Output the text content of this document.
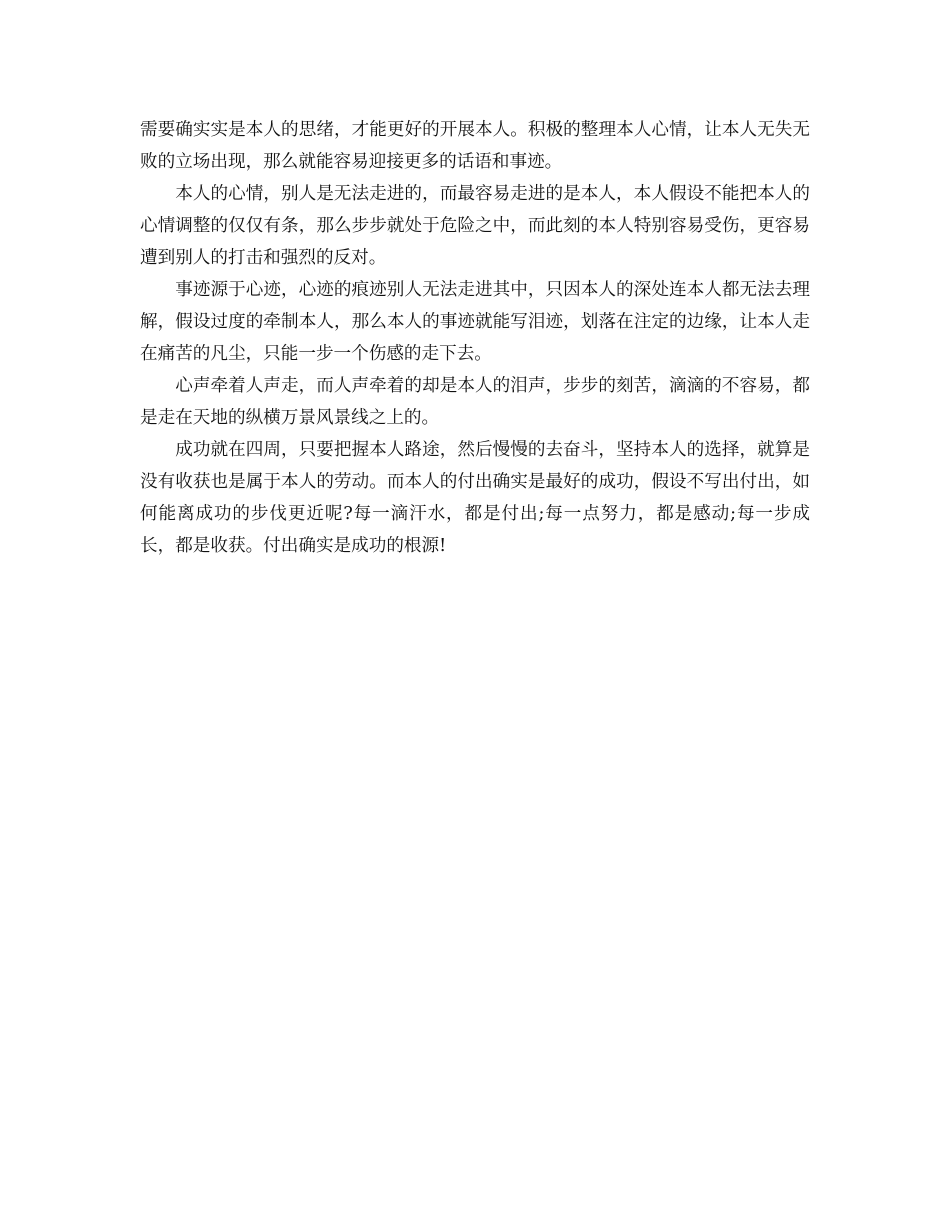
需要确实实是本人的思绪，才能更好的开展本人。积极的整理本人心情，让本人无失无败的立场出现，那么就能容易迎接更多的话语和事迹。

本人的心情，别人是无法走进的，而最容易走进的是本人，本人假设不能把本人的心情调整的仅仅有条，那么步步就处于危险之中，而此刻的本人特别容易受伤，更容易遭到别人的打击和强烈的反对。

事迹源于心迹，心迹的痕迹别人无法走进其中，只因本人的深处连本人都无法去理解，假设过度的牵制本人，那么本人的事迹就能写泪迹，划落在注定的边缘，让本人走在痛苦的凡尘，只能一步一个伤感的走下去。

心声牵着人声走，而人声牵着的却是本人的泪声，步步的刻苦，滴滴的不容易，都是走在天地的纵横万景风景线之上的。

成功就在四周，只要把握本人路途，然后慢慢的去奋斗，坚持本人的选择，就算是没有收获也是属于本人的劳动。而本人的付出确实是最好的成功，假设不写出付出，如何能离成功的步伐更近呢?每一滴汗水，都是付出;每一点努力，都是感动;每一步成长，都是收获。付出确实是成功的根源!
